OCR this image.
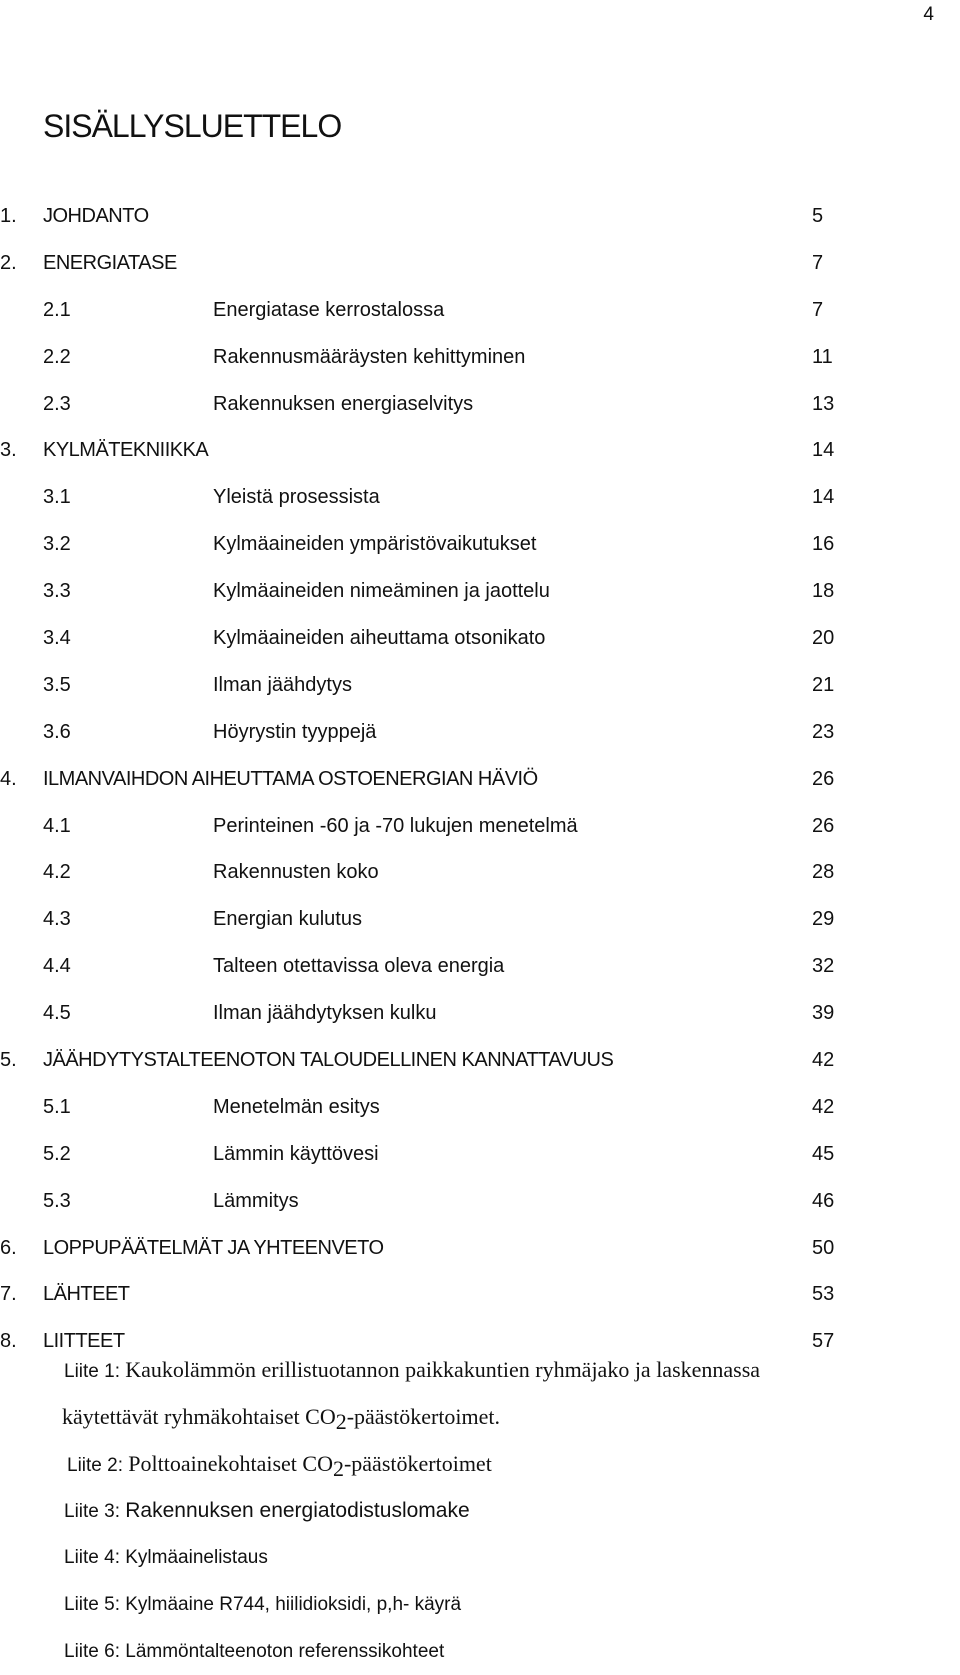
4
SISÄLLYSLUETTELO
1. JOHDANTO	5
2. ENERGIATASE	7
2.1	Energiatase kerrostalossa	7
2.2	Rakennusmääräysten kehittyminen	11
2.3	Rakennuksen energiaselvitys	13
3. KYLMÄTEKNIIKKA	14
3.1	Yleistä prosessista	14
3.2	Kylmäaineiden ympäristövaikutukset	16
3.3	Kylmäaineiden nimeäminen ja jaottelu	18
3.4	Kylmäaineiden aiheuttama otsonikato	20
3.5	Ilman jäähdytys	21
3.6	Höyrystin tyyppejä	23
4. ILMANVAIHDON AIHEUTTAMA OSTOENERGIAN HÄVIÖ	26
4.1	Perinteinen -60 ja -70 lukujen menetelmä	26
4.2	Rakennusten koko	28
4.3	Energian kulutus	29
4.4	Talteen otettavissa oleva energia	32
4.5	Ilman jäähdytyksen kulku	39
5. JÄÄHDYTYSTALTEENOTON TALOUDELLINEN KANNATTAVUUS	42
5.1	Menetelmän esitys	42
5.2	Lämmin käyttövesi	45
5.3	Lämmitys	46
6. LOPPUPÄÄTELMÄT JA YHTEENVETO	50
7. LÄHTEET	53
8. LIITTEET	57
Liite 1: Kaukolämmön erillistuotannon paikkakuntien ryhmäjako ja laskennassa
käytettävät ryhmäkohtaiset $CO_2$-päästökertoimet.
Liite 2: Polttoainekohtaiset $CO_2$-päästökertoimet
Liite 3: Rakennuksen energiatodistuslomake
Liite 4: Kylmäainelistaus
Liite 5: Kylmäaine R744, hiilidioksidi, p,h- käyrä
Liite 6: Lämmöntalteenoton referenssikohteet
